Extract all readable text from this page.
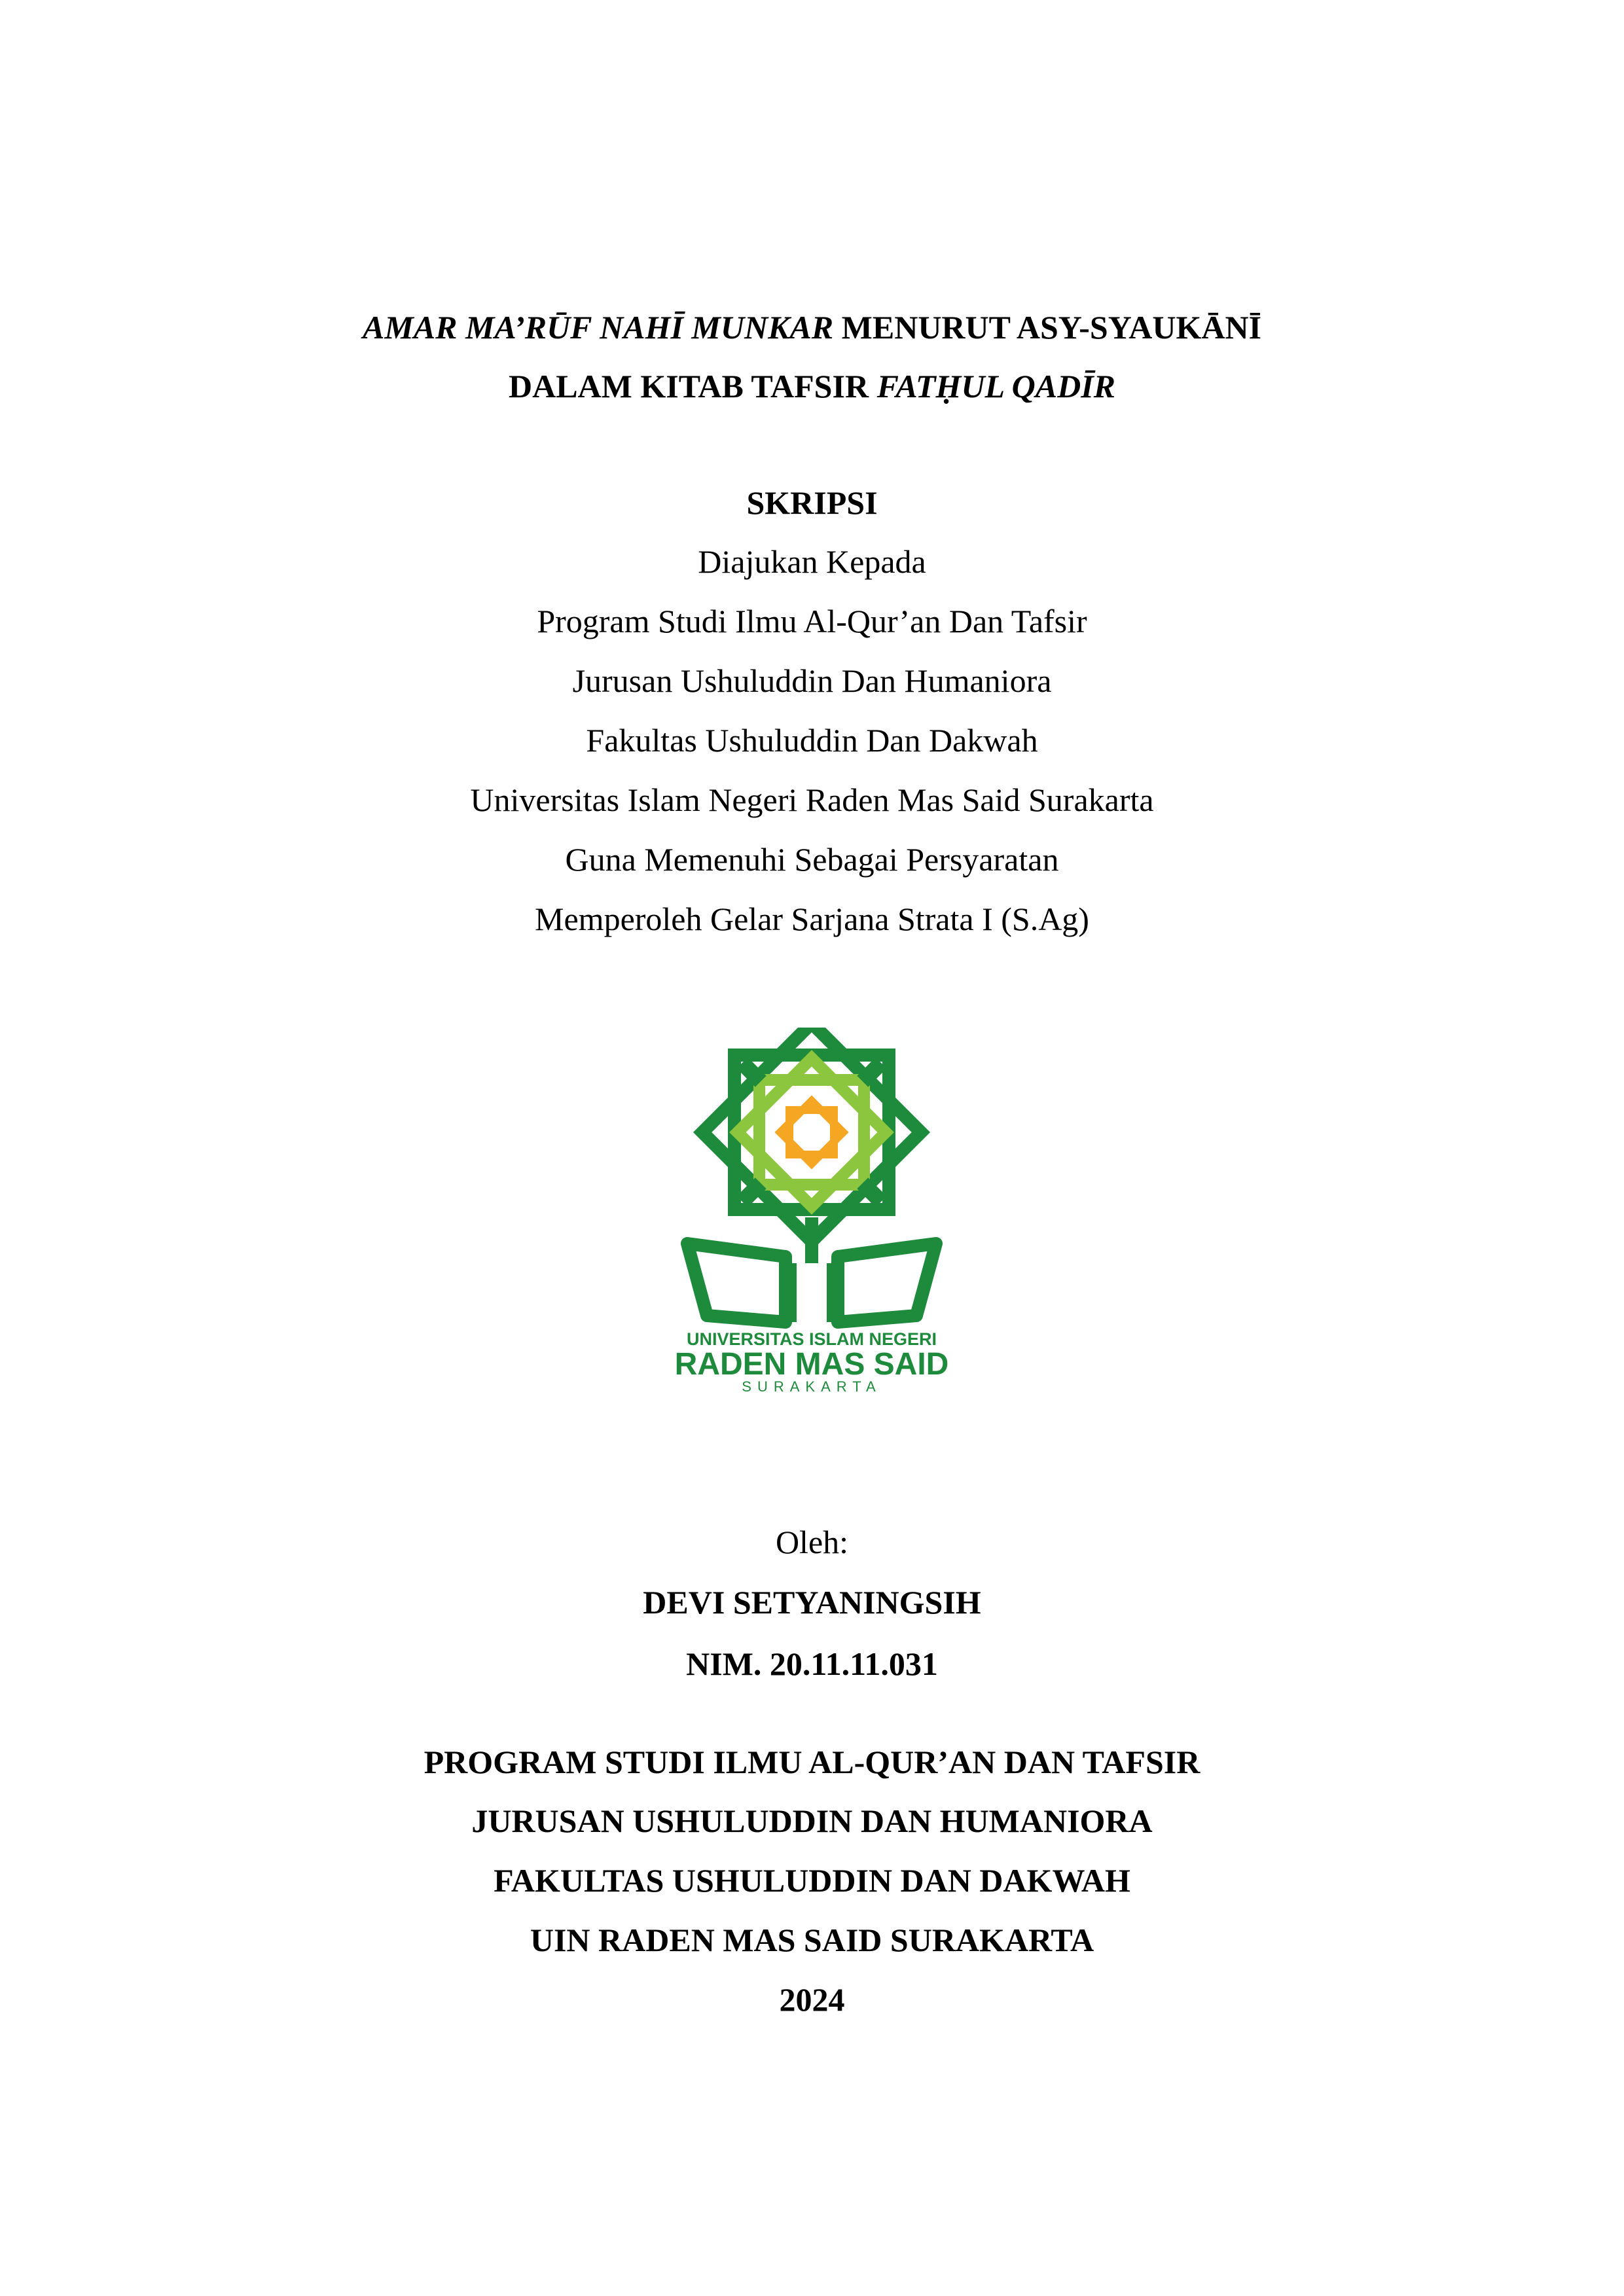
AMAR MA’RŪF NAHĪ MUNKAR MENURUT ASY-SYAUKĀNĪ
DALAM KITAB TAFSIR FATḤUL QADĪR
SKRIPSI
Diajukan Kepada
Program Studi Ilmu Al-Qur’an Dan Tafsir
Jurusan Ushuluddin Dan Humaniora
Fakultas Ushuluddin Dan Dakwah
Universitas Islam Negeri Raden Mas Said Surakarta
Guna Memenuhi Sebagai Persyaratan
Memperoleh Gelar Sarjana Strata I (S.Ag)
UNIVERSITAS ISLAM NEGERI
RADEN MAS SAID
SURAKARTA
Oleh:
DEVI SETYANINGSIH
NIM. 20.11.11.031
PROGRAM STUDI ILMU AL-QUR’AN DAN TAFSIR
JURUSAN USHULUDDIN DAN HUMANIORA
FAKULTAS USHULUDDIN DAN DAKWAH
UIN RADEN MAS SAID SURAKARTA
2024
